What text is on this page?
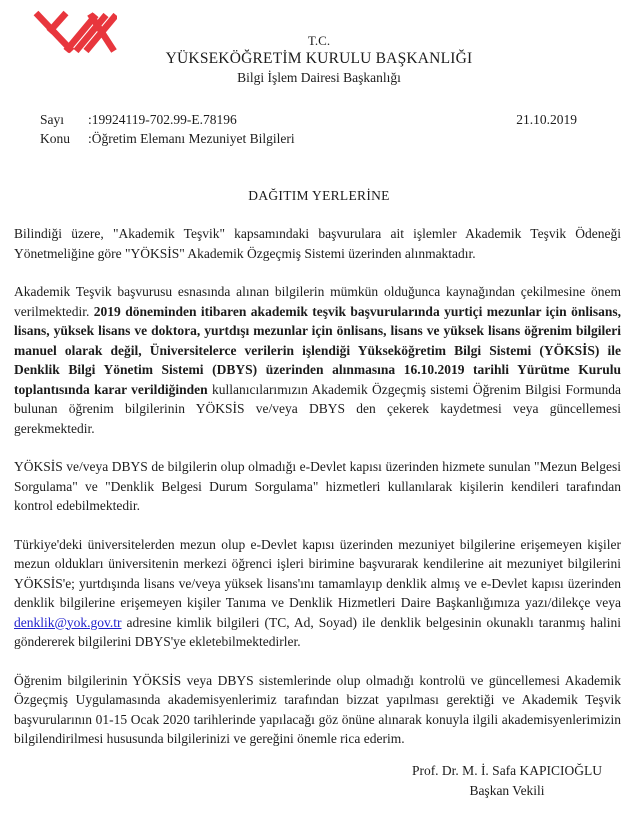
T.C.
YÜKSEKÖĞRETİM KURULU BAŞKANLIĞI
Bilgi İşlem Dairesi Başkanlığı
Sayı	:19924119-702.99-E.78196
Konu	:Öğretim Elemanı Mezuniyet Bilgileri
21.10.2019
DAĞITIM YERLERİNE

Bilindiği üzere, "Akademik Teşvik" kapsamındaki başvurulara ait işlemler Akademik Teşvik Ödeneği Yönetmeliğine göre "YÖKSİS" Akademik Özgeçmiş Sistemi üzerinden alınmaktadır.

Akademik Teşvik başvurusu esnasında alınan bilgilerin mümkün olduğunca kaynağından çekilmesine önem verilmektedir. 2019 döneminden itibaren akademik teşvik başvurularında yurtiçi mezunlar için önlisans, lisans, yüksek lisans ve doktora, yurtdışı mezunlar için önlisans, lisans ve yüksek lisans öğrenim bilgileri manuel olarak değil, Üniversitelerce verilerin işlendiği Yükseköğretim Bilgi Sistemi (YÖKSİS) ile Denklik Bilgi Yönetim Sistemi (DBYS) üzerinden alınmasına 16.10.2019 tarihli Yürütme Kurulu toplantısında karar verildiğinden kullanıcılarımızın Akademik Özgeçmiş sistemi Öğrenim Bilgisi Formunda bulunan öğrenim bilgilerinin YÖKSİS ve/veya DBYS den çekerek kaydetmesi veya güncellemesi gerekmektedir.

YÖKSİS ve/veya DBYS de bilgilerin olup olmadığı e-Devlet kapısı üzerinden hizmete sunulan "Mezun Belgesi Sorgulama" ve "Denklik Belgesi Durum Sorgulama" hizmetleri kullanılarak kişilerin kendileri tarafından kontrol edebilmektedir.

Türkiye'deki üniversitelerden mezun olup e-Devlet kapısı üzerinden mezuniyet bilgilerine erişemeyen kişiler mezun oldukları üniversitenin merkezi öğrenci işleri birimine başvurarak kendilerine ait mezuniyet bilgilerini YÖKSİS'e; yurtdışında lisans ve/veya yüksek lisans'ını tamamlayıp denklik almış ve e-Devlet kapısı üzerinden denklik bilgilerine erişemeyen kişiler Tanıma ve Denklik Hizmetleri Daire Başkanlığımıza yazı/dilekçe veya denklik@yok.gov.tr adresine kimlik bilgileri (TC, Ad, Soyad) ile denklik belgesinin okunaklı taranmış halini göndererek bilgilerini DBYS'ye ekletebilmektedirler.

Öğrenim bilgilerinin YÖKSİS veya DBYS sistemlerinde olup olmadığı kontrolü ve güncellemesi Akademik Özgeçmiş Uygulamasında akademisyenlerimiz tarafından bizzat yapılması gerektiği ve Akademik Teşvik başvurularının 01-15 Ocak 2020 tarihlerinde yapılacağı göz önüne alınarak konuyla ilgili akademisyenlerimizin bilgilendirilmesi hususunda bilgilerinizi ve gereğini önemle rica ederim.

Prof. Dr. M. İ. Safa KAPICIOĞLU
Başkan Vekili
